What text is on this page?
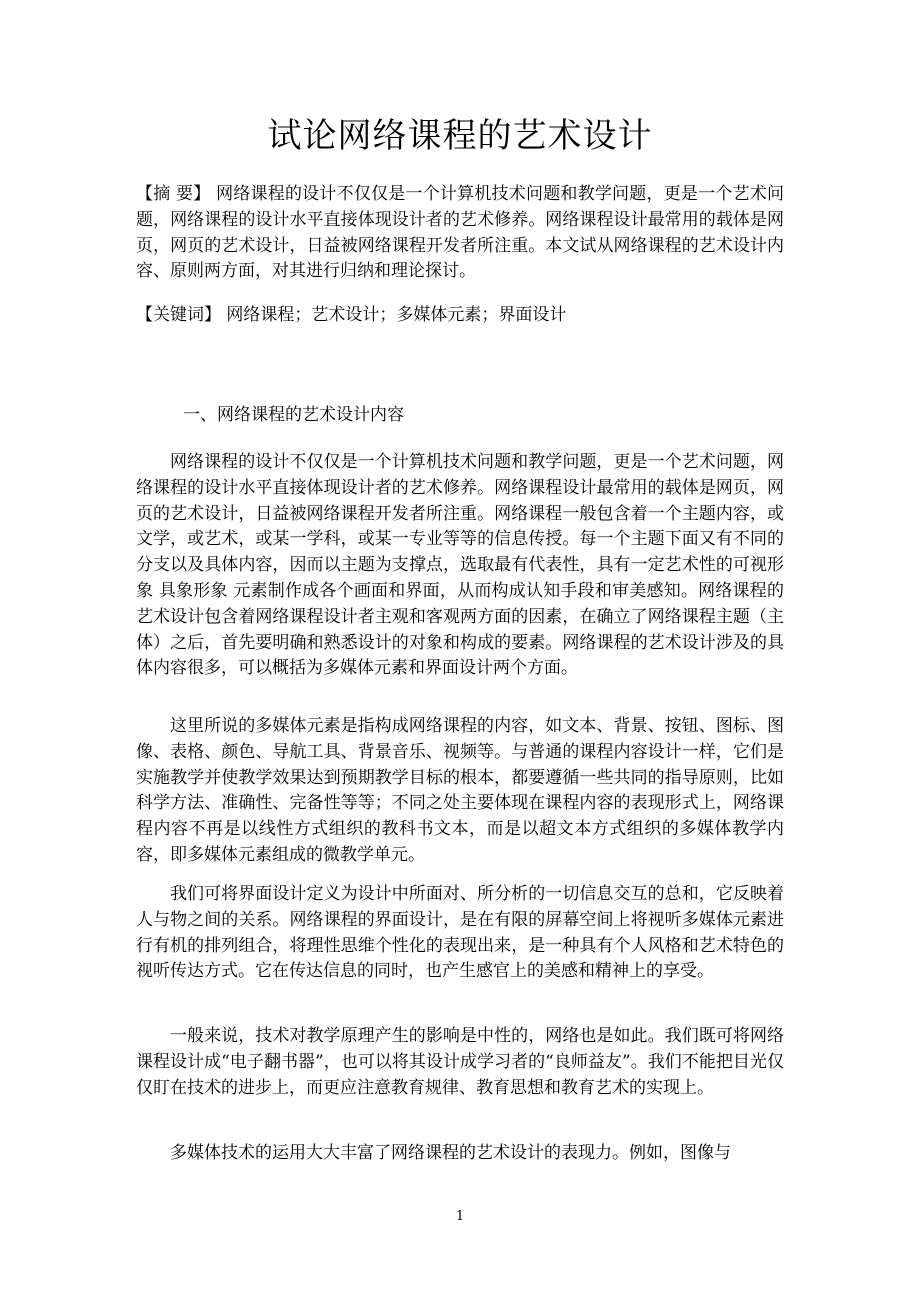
试论网络课程的艺术设计
【摘 要】 网络课程的设计不仅仅是一个计算机技术问题和教学问题，更是一个艺术问题，网络课程的设计水平直接体现设计者的艺术修养。网络课程设计最常用的载体是网页，网页的艺术设计，日益被网络课程开发者所注重。本文试从网络课程的艺术设计内容、原则两方面，对其进行归纳和理论探讨。
【关键词】 网络课程；艺术设计；多媒体元素；界面设计
一、网络课程的艺术设计内容
网络课程的设计不仅仅是一个计算机技术问题和教学问题，更是一个艺术问题，网络课程的设计水平直接体现设计者的艺术修养。网络课程设计最常用的载体是网页，网页的艺术设计，日益被网络课程开发者所注重。网络课程一般包含着一个主题内容，或文学，或艺术，或某一学科，或某一专业等等的信息传授。每一个主题下面又有不同的分支以及具体内容，因而以主题为支撑点，选取最有代表性，具有一定艺术性的可视形象 具象形象 元素制作成各个画面和界面，从而构成认知手段和审美感知。网络课程的艺术设计包含着网络课程设计者主观和客观两方面的因素，在确立了网络课程主题（主体）之后，首先要明确和熟悉设计的对象和构成的要素。网络课程的艺术设计涉及的具体内容很多，可以概括为多媒体元素和界面设计两个方面。
这里所说的多媒体元素是指构成网络课程的内容，如文本、背景、按钮、图标、图像、表格、颜色、导航工具、背景音乐、视频等。与普通的课程内容设计一样，它们是实施教学并使教学效果达到预期教学目标的根本，都要遵循一些共同的指导原则，比如科学方法、准确性、完备性等等；不同之处主要体现在课程内容的表现形式上，网络课程内容不再是以线性方式组织的教科书文本，而是以超文本方式组织的多媒体教学内容，即多媒体元素组成的微教学单元。
我们可将界面设计定义为设计中所面对、所分析的一切信息交互的总和，它反映着人与物之间的关系。网络课程的界面设计，是在有限的屏幕空间上将视听多媒体元素进行有机的排列组合，将理性思维个性化的表现出来，是一种具有个人风格和艺术特色的视听传达方式。它在传达信息的同时，也产生感官上的美感和精神上的享受。
一般来说，技术对教学原理产生的影响是中性的，网络也是如此。我们既可将网络课程设计成“电子翻书器”，也可以将其设计成学习者的“良师益友”。我们不能把目光仅仅盯在技术的进步上，而更应注意教育规律、教育思想和教育艺术的实现上。
多媒体技术的运用大大丰富了网络课程的艺术设计的表现力。例如，图像与
1
